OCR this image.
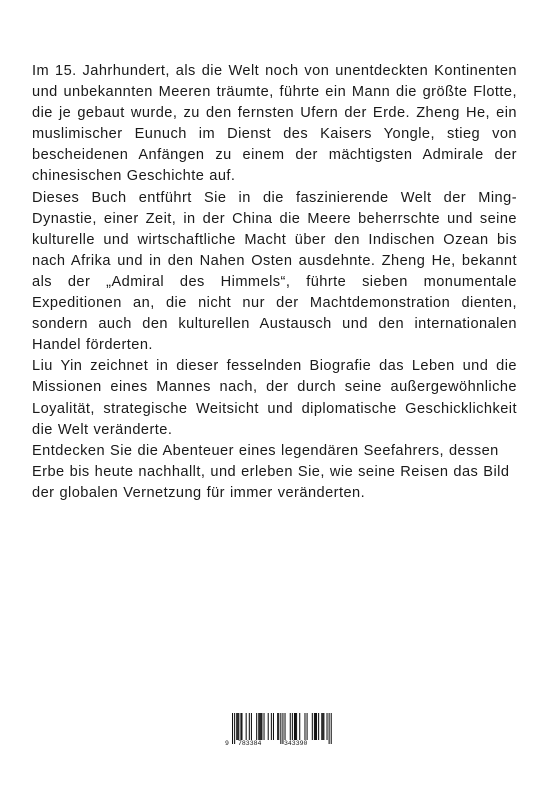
Im 15. Jahrhundert, als die Welt noch von unentdeckten Kontinenten und unbekannten Meeren träumte, führte ein Mann die größte Flotte, die je gebaut wurde, zu den fernsten Ufern der Erde. Zheng He, ein muslimischer Eunuch im Dienst des Kaisers Yongle, stieg von bescheidenen Anfängen zu einem der mächtigsten Admirale der chinesischen Geschichte auf.

Dieses Buch entführt Sie in die faszinierende Welt der Ming-Dynastie, einer Zeit, in der China die Meere beherrschte und seine kulturelle und wirtschaftliche Macht über den Indischen Ozean bis nach Afrika und in den Nahen Osten ausdehnte. Zheng He, bekannt als der „Admiral des Himmels“, führte sieben monumentale Expeditionen an, die nicht nur der Machtdemonstration dienten, sondern auch den kulturellen Austausch und den internationalen Handel förderten.

Liu Yin zeichnet in dieser fesselnden Biografie das Leben und die Missionen eines Mannes nach, der durch seine außergewöhnliche Loyalität, strategische Weitsicht und diplomatische Geschicklichkeit die Welt veränderte.

Entdecken Sie die Abenteuer eines legendären Seefahrers, dessen Erbe bis heute nachhallt, und erleben Sie, wie seine Reisen das Bild der globalen Vernetzung für immer veränderten.

9 783384	343390
